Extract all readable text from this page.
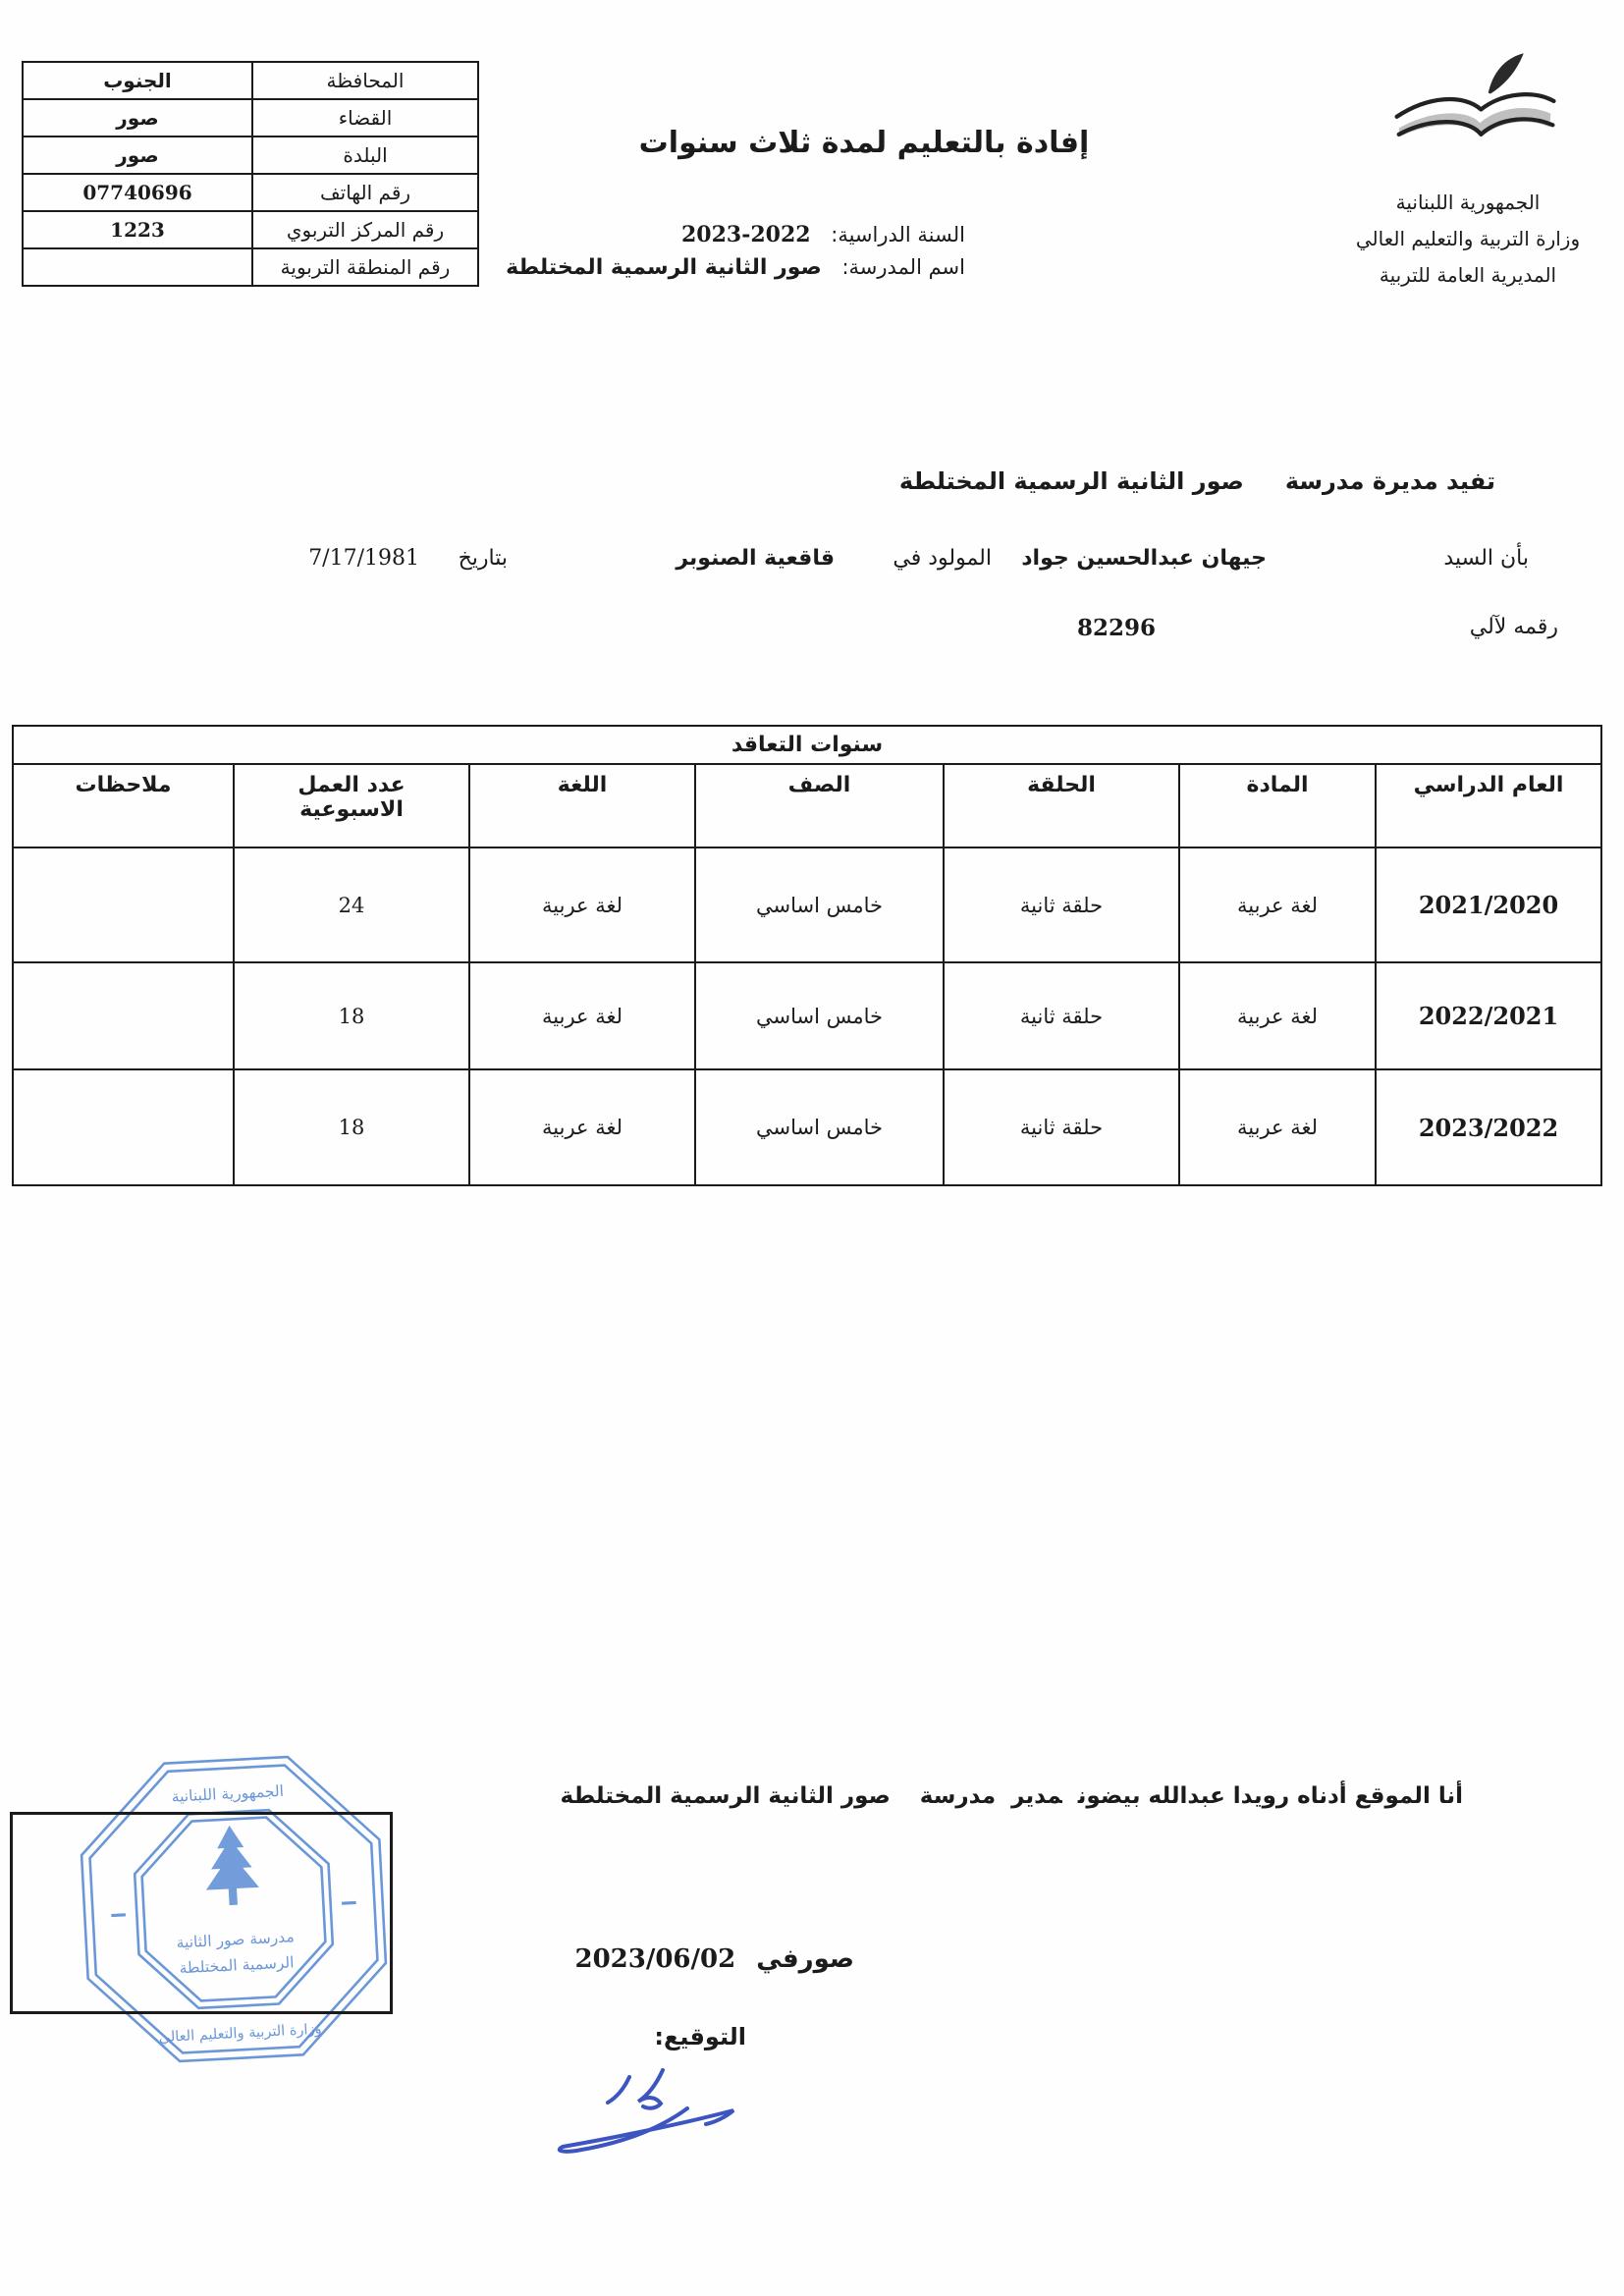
المحافظة	الجنوب
القضاء	صور
البلدة	صور
رقم الهاتف	07740696
رقم المركز التربوي	1223
رقم المنطقة التربوية	
الجمهورية اللبنانية
وزارة التربية والتعليم العالي
المديرية العامة للتربية
إفادة بالتعليم لمدة ثلاث سنوات
السنة الدراسية: 2023-2022
اسم المدرسة: صور الثانية الرسمية المختلطة
تفيد مديرة مدرسةصور الثانية الرسمية المختلطة
بأن السيد
جيهان عبدالحسين جواد
المولود في
قاقعية الصنوبر
بتاريخ
7/17/1981
رقمه لآلي
82296
سنوات التعاقد						
العام الدراسي	المادة	الحلقة	الصف	اللغة	عدد العمل الاسبوعية	ملاحظات
2021/2020	لغة عربية	حلقة ثانية	خامس اساسي	لغة عربية	24	
2022/2021	لغة عربية	حلقة ثانية	خامس اساسي	لغة عربية	18	
2023/2022	لغة عربية	حلقة ثانية	خامس اساسي	لغة عربية	18	
أنا الموقع أدناه رويدا عبدالله بيضونمديرمدرسةصور الثانية الرسمية المختلطة
صورفي 2023/06/02
التوقيع:
الجمهورية اللبنانية
مدرسة صور الثانية
الرسمية المختلطة
وزارة التربية والتعليم العالي
